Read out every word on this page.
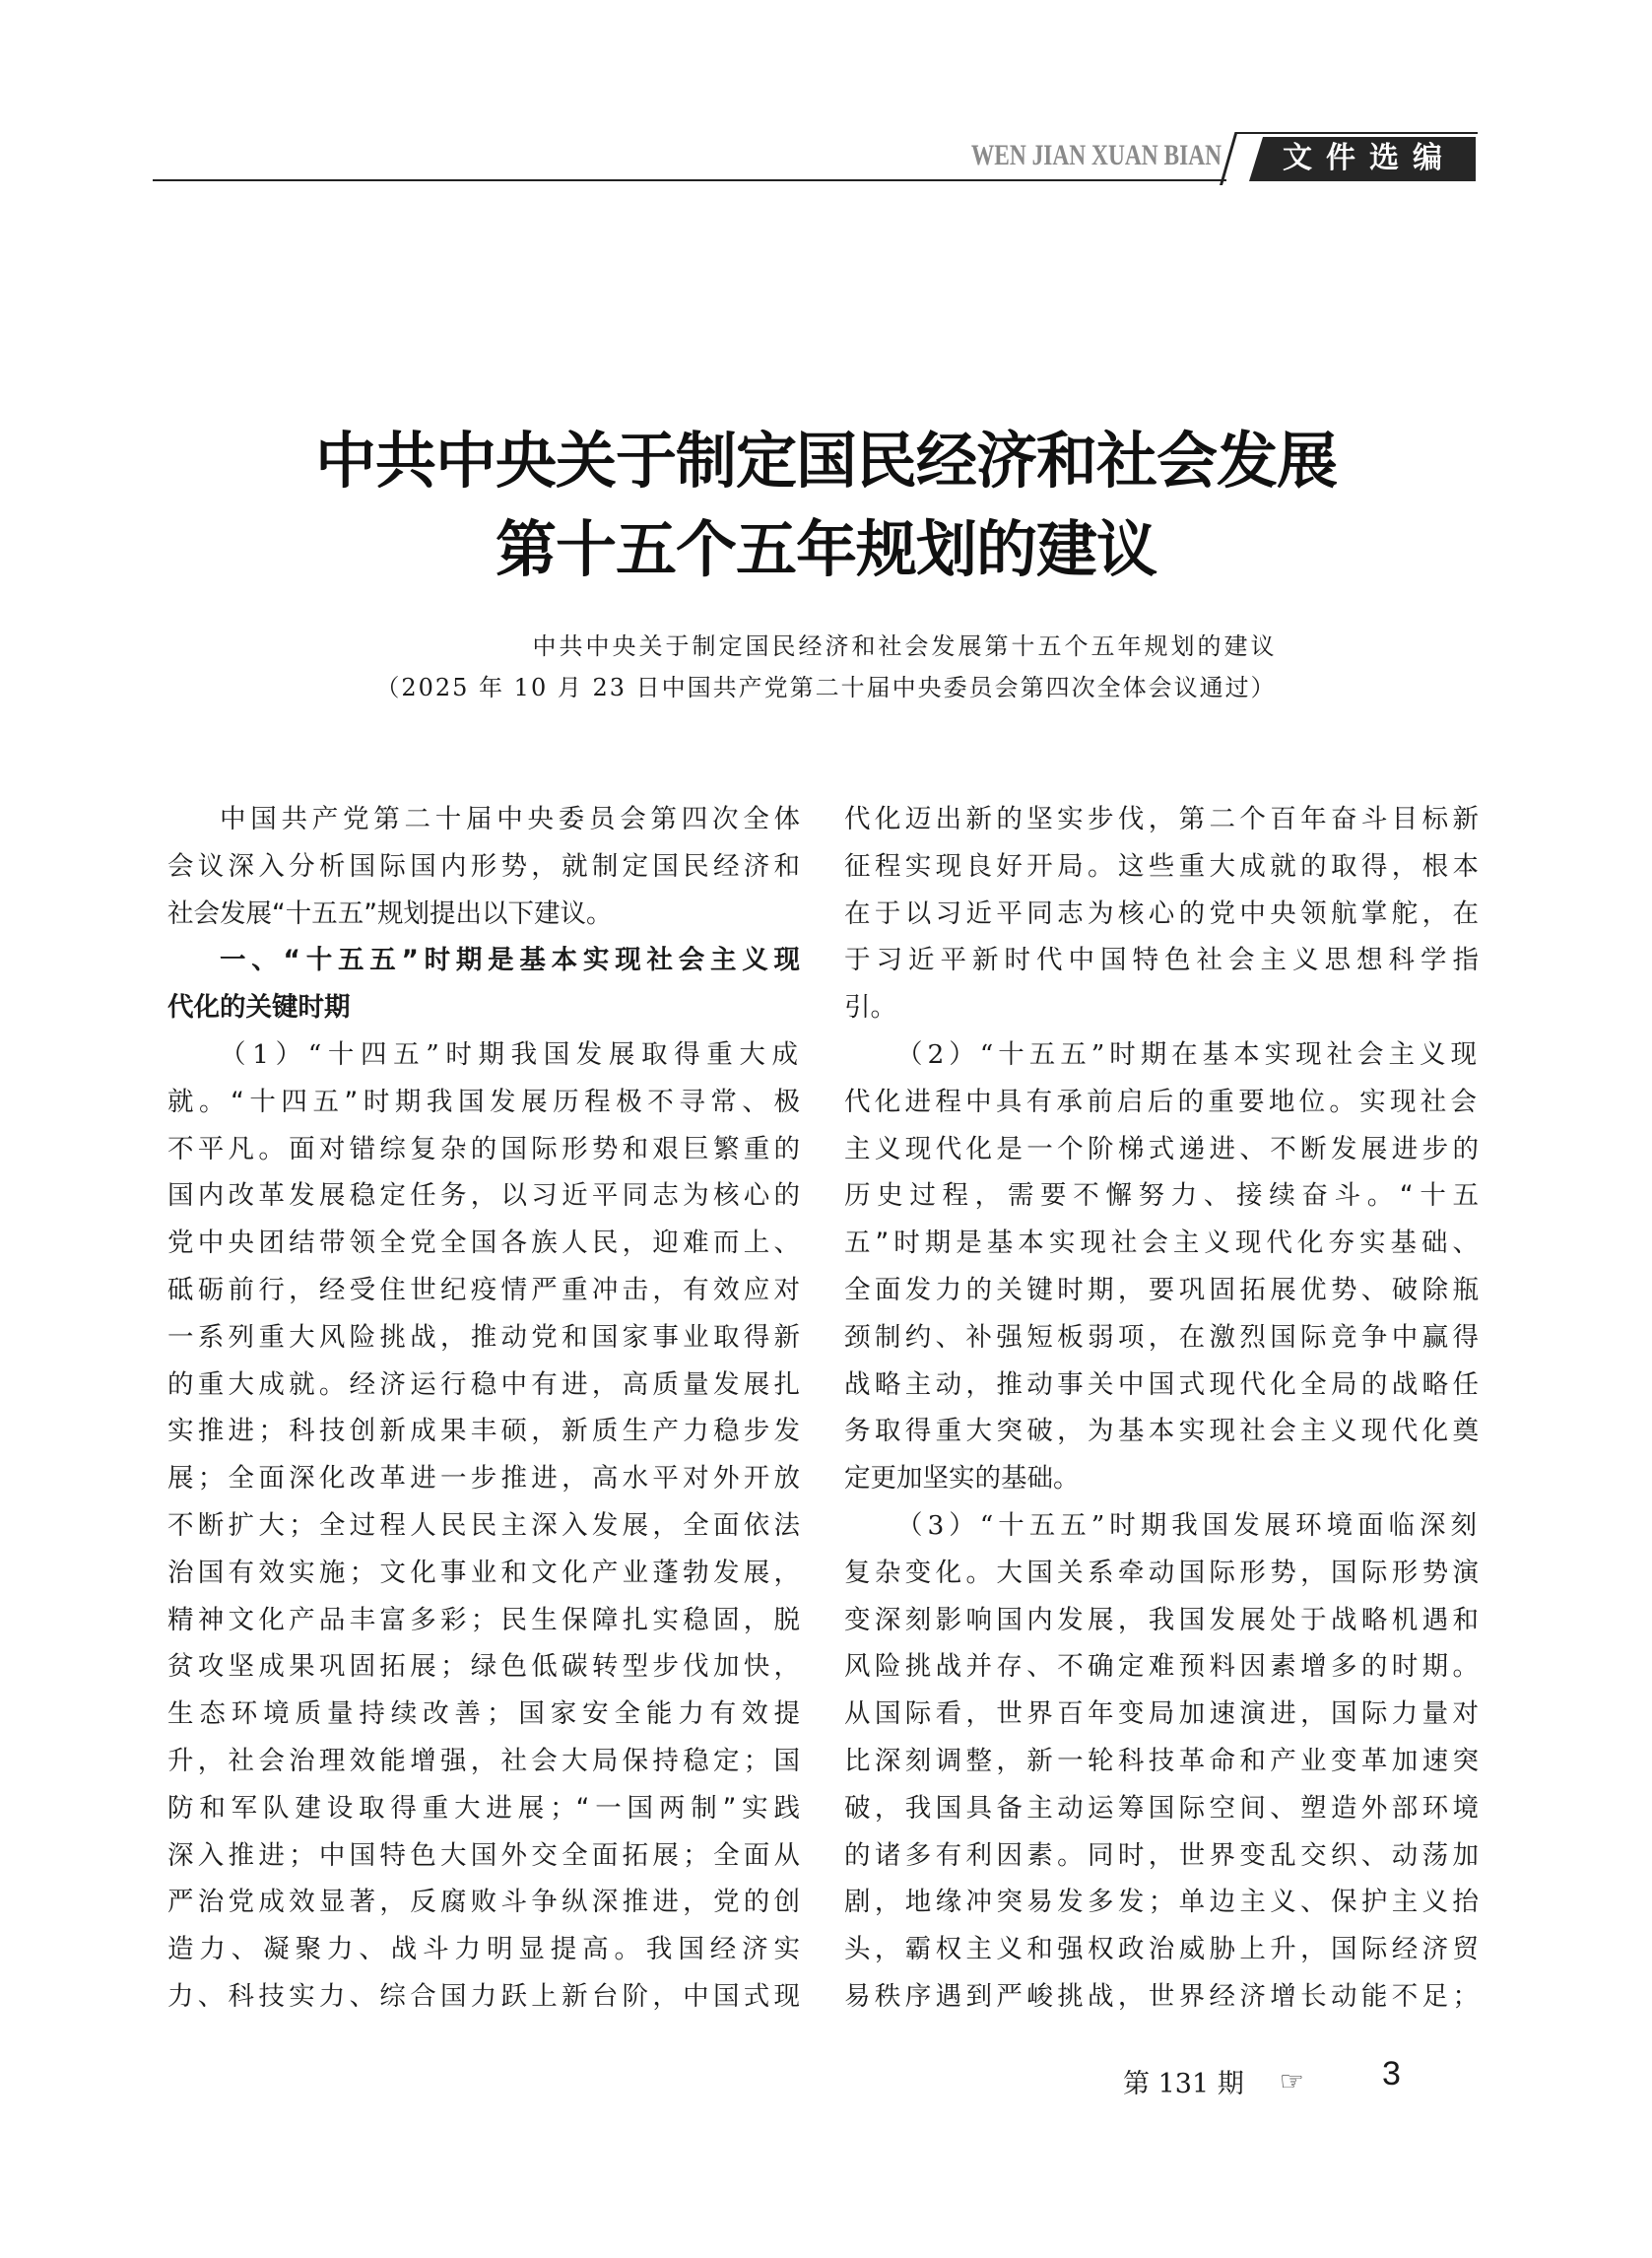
WEN JIAN XUAN BIAN	文件选编
中共中央关于制定国民经济和社会发展
第十五个五年规划的建议
中共中央关于制定国民经济和社会发展第十五个五年规划的建议
（2025 年 10 月 23 日中国共产党第二十届中央委员会第四次全体会议通过）
中国共产党第二十届中央委员会第四次全体
会议深入分析国际国内形势，就制定国民经济和
社会发展“十五五”规划提出以下建议。
一、“十五五”时期是基本实现社会主义现
代化的关键时期
（1）“十四五”时期我国发展取得重大成
就。“十四五”时期我国发展历程极不寻常、极
不平凡。面对错综复杂的国际形势和艰巨繁重的
国内改革发展稳定任务，以习近平同志为核心的
党中央团结带领全党全国各族人民，迎难而上、
砥砺前行，经受住世纪疫情严重冲击，有效应对
一系列重大风险挑战，推动党和国家事业取得新
的重大成就。经济运行稳中有进，高质量发展扎
实推进；科技创新成果丰硕，新质生产力稳步发
展；全面深化改革进一步推进，高水平对外开放
不断扩大；全过程人民民主深入发展，全面依法
治国有效实施；文化事业和文化产业蓬勃发展，
精神文化产品丰富多彩；民生保障扎实稳固，脱
贫攻坚成果巩固拓展；绿色低碳转型步伐加快，
生态环境质量持续改善；国家安全能力有效提
升，社会治理效能增强，社会大局保持稳定；国
防和军队建设取得重大进展；“一国两制”实践
深入推进；中国特色大国外交全面拓展；全面从
严治党成效显著，反腐败斗争纵深推进，党的创
造力、凝聚力、战斗力明显提高。我国经济实
力、科技实力、综合国力跃上新台阶，中国式现
代化迈出新的坚实步伐，第二个百年奋斗目标新
征程实现良好开局。这些重大成就的取得，根本
在于以习近平同志为核心的党中央领航掌舵，在
于习近平新时代中国特色社会主义思想科学指
引。
（2）“十五五”时期在基本实现社会主义现
代化进程中具有承前启后的重要地位。实现社会
主义现代化是一个阶梯式递进、不断发展进步的
历史过程，需要不懈努力、接续奋斗。“十五
五”时期是基本实现社会主义现代化夯实基础、
全面发力的关键时期，要巩固拓展优势、破除瓶
颈制约、补强短板弱项，在激烈国际竞争中赢得
战略主动，推动事关中国式现代化全局的战略任
务取得重大突破，为基本实现社会主义现代化奠
定更加坚实的基础。
（3）“十五五”时期我国发展环境面临深刻
复杂变化。大国关系牵动国际形势，国际形势演
变深刻影响国内发展，我国发展处于战略机遇和
风险挑战并存、不确定难预料因素增多的时期。
从国际看，世界百年变局加速演进，国际力量对
比深刻调整，新一轮科技革命和产业变革加速突
破，我国具备主动运筹国际空间、塑造外部环境
的诸多有利因素。同时，世界变乱交织、动荡加
剧，地缘冲突易发多发；单边主义、保护主义抬
头，霸权主义和强权政治威胁上升，国际经济贸
易秩序遇到严峻挑战，世界经济增长动能不足；
第 131 期 ☞ 3
